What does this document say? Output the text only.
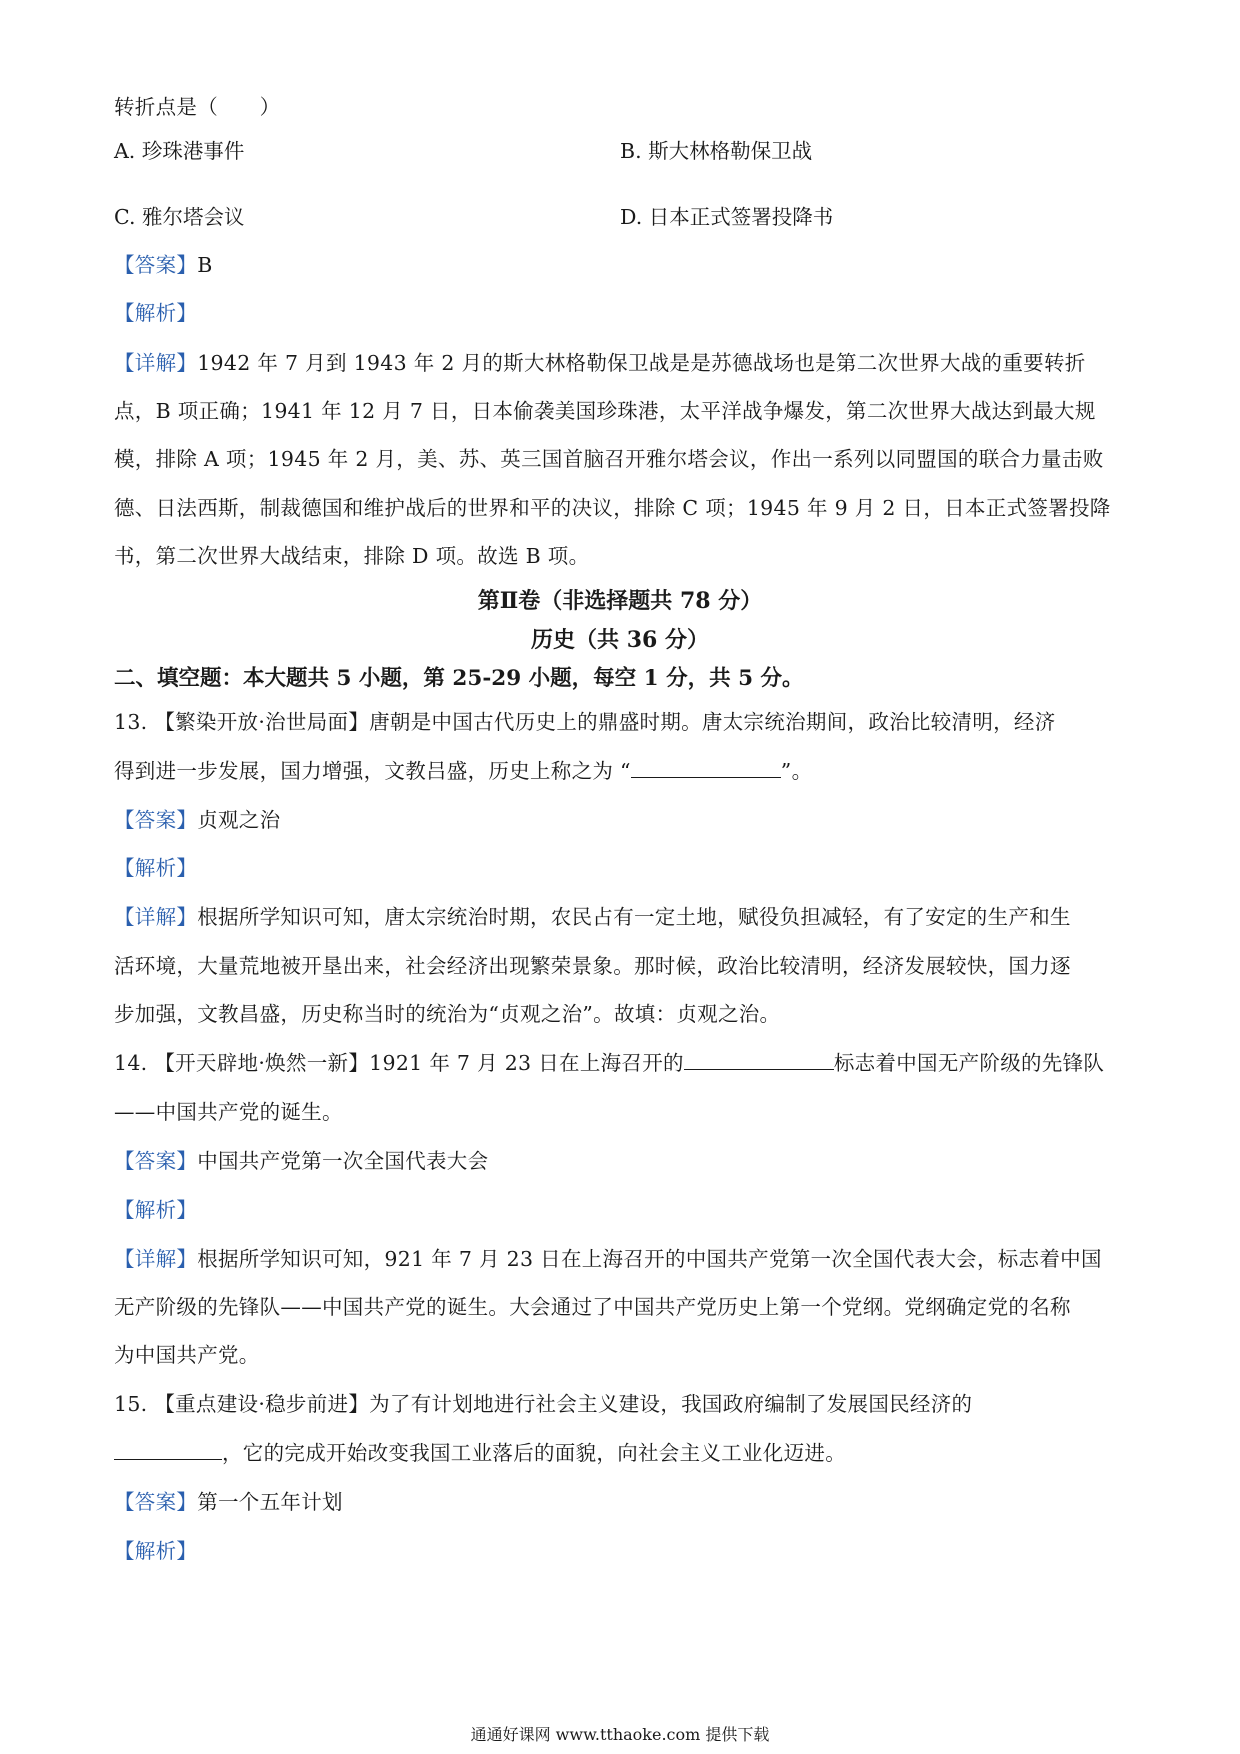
转折点是（　　）
A. 珍珠港事件	B. 斯大林格勒保卫战
C. 雅尔塔会议	D. 日本正式签署投降书
【答案】B
【解析】
【详解】1942 年 7 月到 1943 年 2 月的斯大林格勒保卫战是是苏德战场也是第二次世界大战的重要转折
点，B 项正确；1941 年 12 月 7 日，日本偷袭美国珍珠港，太平洋战争爆发，第二次世界大战达到最大规
模，排除 A 项；1945 年 2 月，美、苏、英三国首脑召开雅尔塔会议，作出一系列以同盟国的联合力量击败
德、日法西斯，制裁德国和维护战后的世界和平的决议，排除 C 项；1945 年 9 月 2 日，日本正式签署投降
书，第二次世界大战结束，排除 D 项。故选 B 项。
第Ⅱ卷（非选择题共 78 分）
历史（共 36 分）
二、填空题：本大题共 5 小题，第 25-29 小题，每空 1 分，共 5 分。
13. 【繁染开放·治世局面】唐朝是中国古代历史上的鼎盛时期。唐太宗统治期间，政治比较清明，经济
得到进一步发展，国力增强，文教吕盛，历史上称之为 “	”。
【答案】贞观之治
【解析】
【详解】根据所学知识可知，唐太宗统治时期，农民占有一定土地，赋役负担减轻，有了安定的生产和生
活环境，大量荒地被开垦出来，社会经济出现繁荣景象。那时候，政治比较清明，经济发展较快，国力逐
步加强，文教昌盛，历史称当时的统治为“贞观之治”。故填：贞观之治。
14. 【开天辟地·焕然一新】1921 年 7 月 23 日在上海召开的	标志着中国无产阶级的先锋队
——中国共产党的诞生。
【答案】中国共产党第一次全国代表大会
【解析】
【详解】根据所学知识可知，921 年 7 月 23 日在上海召开的中国共产党第一次全国代表大会，标志着中国
无产阶级的先锋队——中国共产党的诞生。大会通过了中国共产党历史上第一个党纲。党纲确定党的名称
为中国共产党。
15. 【重点建设·稳步前进】为了有计划地进行社会主义建设，我国政府编制了发展国民经济的
，它的完成开始改变我国工业落后的面貌，向社会主义工业化迈进。
【答案】第一个五年计划
【解析】
通通好课网 www.tthaoke.com 提供下载
